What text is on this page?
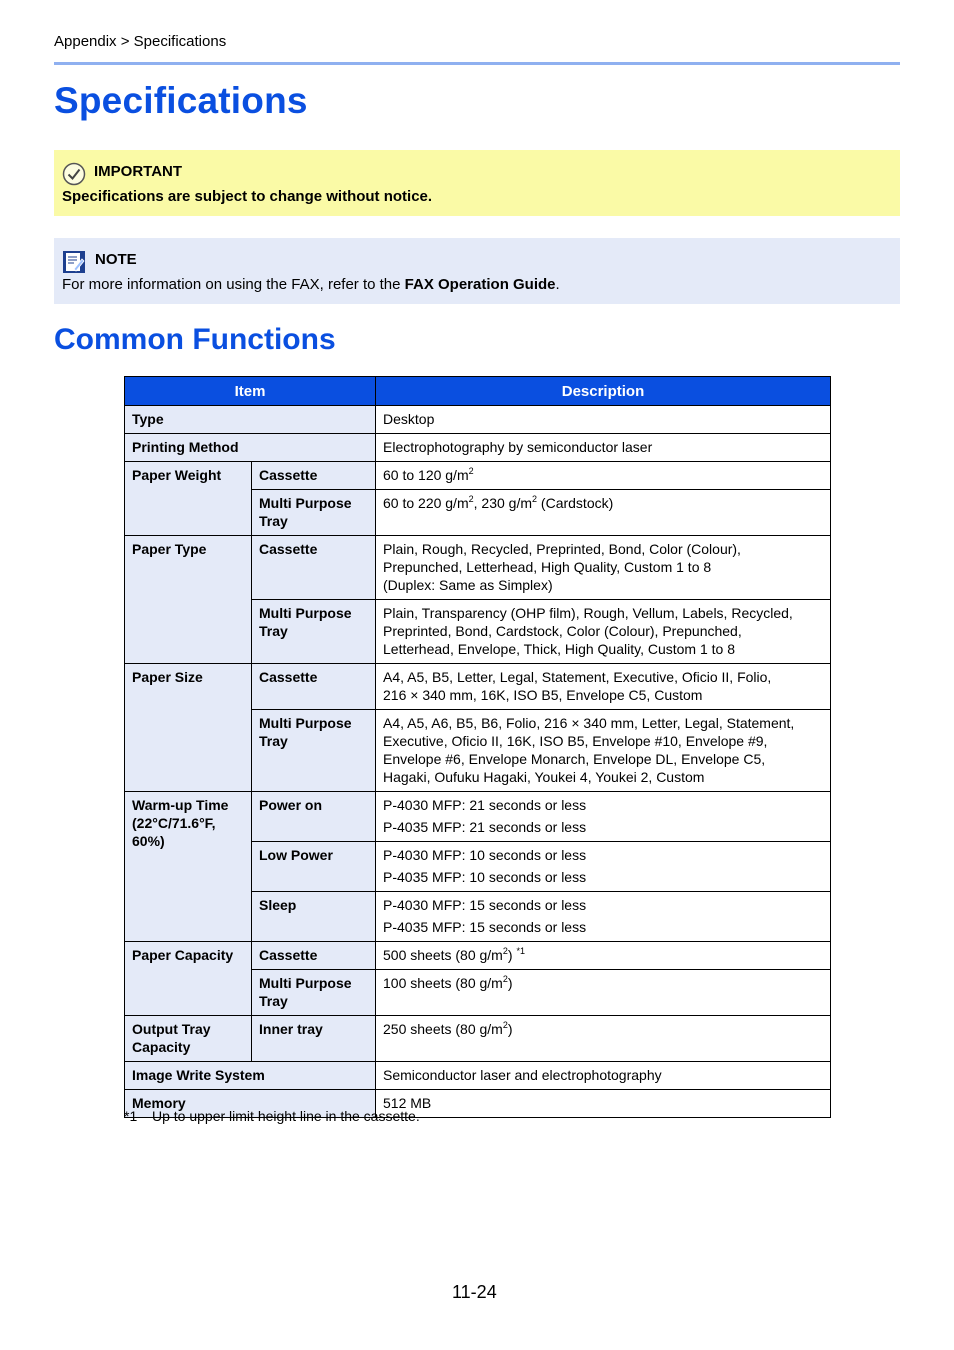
Appendix > Specifications
Specifications
IMPORTANT
Specifications are subject to change without notice.
NOTE
For more information on using the FAX, refer to the FAX Operation Guide.
Common Functions
Item		Description
Type		Desktop
Printing Method		Electrophotography by semiconductor laser
Paper Weight	Cassette	60 to 120 $g/m^2$
	Multi Purpose Tray	60 to 220 $g/m^2$, 230 $g/m^2$ (Cardstock)
Paper Type	Cassette	Plain, Rough, Recycled, Preprinted, Bond, Color (Colour),
Prepunched, Letterhead, High Quality, Custom 1 to 8
(Duplex: Same as Simplex)

	Multi Purpose Tray	Plain, Transparency (OHP film), Rough, Vellum, Labels, Recycled,
Preprinted, Bond, Cardstock, Color (Colour), Prepunched,
Letterhead, Envelope, Thick, High Quality, Custom 1 to 8

Paper Size	Cassette	A4, A5, B5, Letter, Legal, Statement, Executive, Oficio II, Folio,
216 × 340 mm, 16K, ISO B5, Envelope C5, Custom

	Multi Purpose Tray	A4, A5, A6, B5, B6, Folio, 216 × 340 mm, Letter, Legal, Statement,
Executive, Oficio II, 16K, ISO B5, Envelope #10, Envelope #9,
Envelope #6, Envelope Monarch, Envelope DL, Envelope C5,
Hagaki, Oufuku Hagaki, Youkei 4, Youkei 2, Custom

Warm-up Time (22°C/71.6°F, 60%)	Power on	P-4030 MFP: 21 seconds or less
P-4035 MFP: 21 seconds or less

	Low Power	P-4030 MFP: 10 seconds or less
P-4035 MFP: 10 seconds or less

	Sleep	P-4030 MFP: 15 seconds or less
P-4035 MFP: 15 seconds or less

Paper Capacity	Cassette	500 sheets (80 $g/m^2$) $^{*1}$
	Multi Purpose Tray	100 sheets (80 $g/m^2$)
Output Tray Capacity	Inner tray	250 sheets (80 $g/m^2$)
Image Write System		Semiconductor laser and electrophotography
Memory		512 MB
*1 Up to upper limit height line in the cassette.
11-24
